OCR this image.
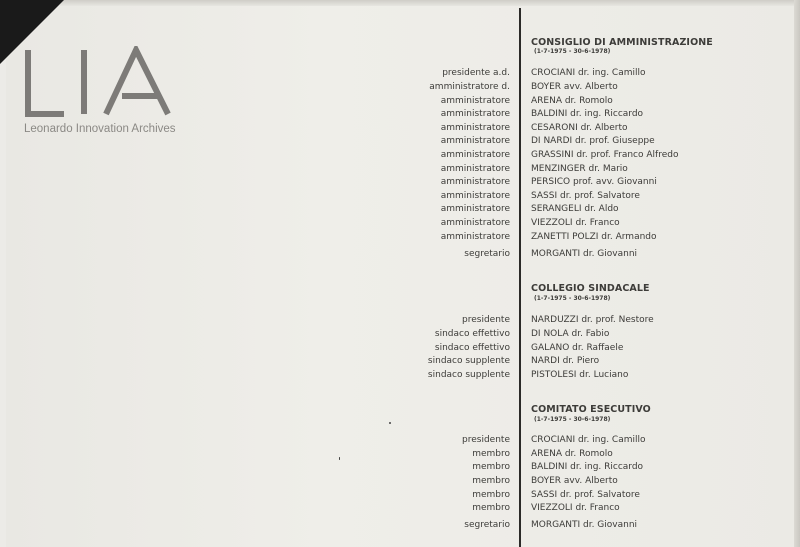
Leonardo Innovation Archives
CONSIGLIO DI AMMINISTRAZIONE
(1-7-1975 - 30-6-1978)
presidente a.d. CROCIANI dr. ing. Camillo
amministratore d. BOYER avv. Alberto
amministratore ARENA dr. Romolo
amministratore BALDINI dr. ing. Riccardo
amministratore CESARONI dr. Alberto
amministratore DI NARDI dr. prof. Giuseppe
amministratore GRASSINI dr. prof. Franco Alfredo
amministratore MENZINGER dr. Mario
amministratore PERSICO prof. avv. Giovanni
amministratore SASSI dr. prof. Salvatore
amministratore SERANGELI dr. Aldo
amministratore VIEZZOLI dr. Franco
amministratore ZANETTI POLZI dr. Armando
segretario MORGANTI dr. Giovanni
COLLEGIO SINDACALE
(1-7-1975 - 30-6-1978)
presidente NARDUZZI dr. prof. Nestore
sindaco effettivo DI NOLA dr. Fabio
sindaco effettivo GALANO dr. Raffaele
sindaco supplente NARDI dr. Piero
sindaco supplente PISTOLESI dr. Luciano
COMITATO ESECUTIVO
(1-7-1975 - 30-6-1978)
presidente CROCIANI dr. ing. Camillo
membro ARENA dr. Romolo
membro BALDINI dr. ing. Riccardo
membro BOYER avv. Alberto
membro SASSI dr. prof. Salvatore
membro VIEZZOLI dr. Franco
segretario MORGANTI dr. Giovanni
